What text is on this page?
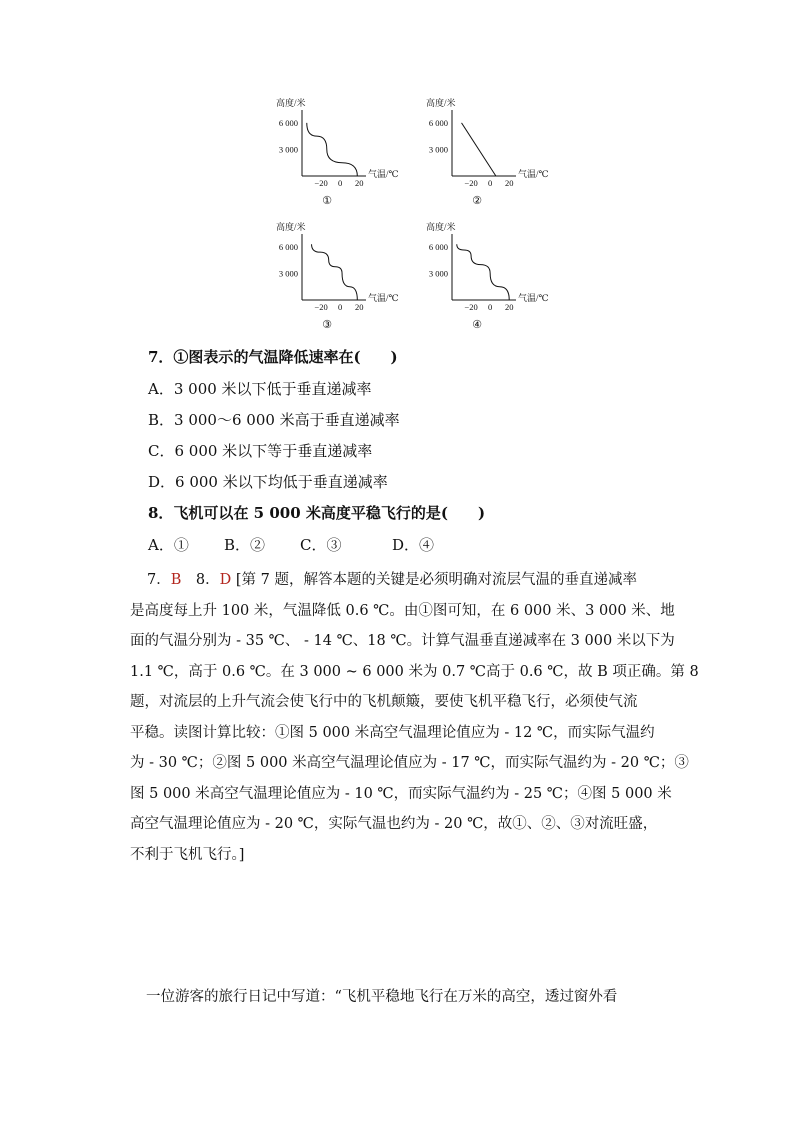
高度/米
气温/℃
6 000
3 000
−20 0 20
①
高度/米
气温/℃
6 000
3 000
−20 0 20
②
高度/米
气温/℃
6 000
3 000
−20 0 20
③
高度/米
气温/℃
6 000
3 000
−20 0 20
④
7．①图表示的气温降低速率在(　　)
A．3 000 米以下低于垂直递减率
B．3 000～6 000 米高于垂直递减率
C．6 000 米以下等于垂直递减率
D．6 000 米以下均低于垂直递减率
8．飞机可以在 5 000 米高度平稳飞行的是(　　)
A．① B．② C．③	D．④
7．B　8．D [第 7 题，解答本题的关键是必须明确对流层气温的垂直递减率
是高度每上升 100 米，气温降低 0.6 ℃。由①图可知，在 6 000 米、3 000 米、地
面的气温分别为 - 35 ℃、 - 14 ℃、18 ℃。计算气温垂直递减率在 3 000 米以下为
1.1 ℃，高于 0.6 ℃。在 3 000 ~ 6 000 米为 0.7 ℃高于 0.6 ℃，故 B 项正确。第 8
题，对流层的上升气流会使飞行中的飞机颠簸，要使飞机平稳飞行，必须使气流
平稳。读图计算比较：①图 5 000 米高空气温理论值应为 - 12 ℃，而实际气温约
为 - 30 ℃；②图 5 000 米高空气温理论值应为 - 17 ℃，而实际气温约为 - 20 ℃；③
图 5 000 米高空气温理论值应为 - 10 ℃，而实际气温约为 - 25 ℃；④图 5 000 米
高空气温理论值应为 - 20 ℃，实际气温也约为 - 20 ℃，故①、②、③对流旺盛，
不利于飞机飞行。]
一位游客的旅行日记中写道：“飞机平稳地飞行在万米的高空，透过窗外看
